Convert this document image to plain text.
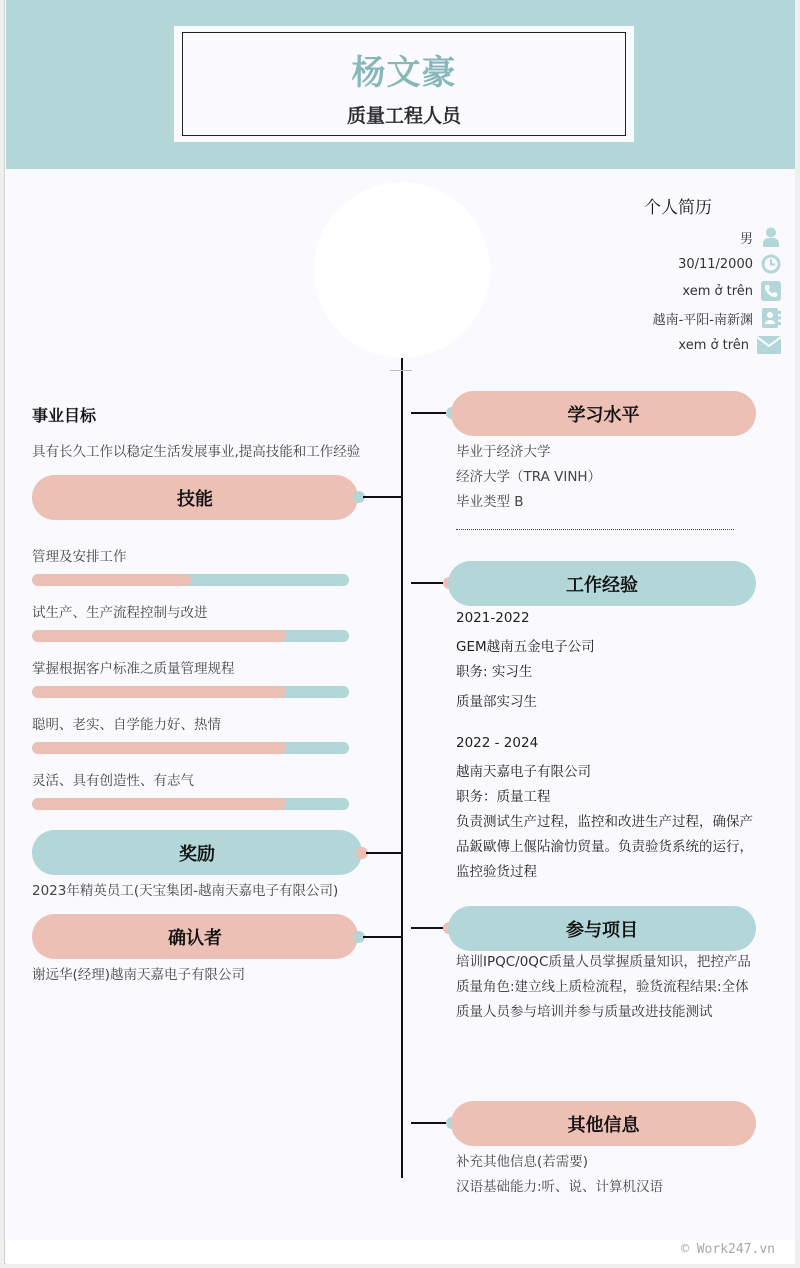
杨文豪
质量工程人员
个人简历
男
30/11/2000
xem ở trên
越南-平阳-南新渊
xem ở trên
事业目标
具有长久工作以稳定生活发展事业,提高技能和工作经验
技能
管理及安排工作
试生产、生产流程控制与改进
掌握根据客户标准之质量管理规程
聪明、老实、自学能力好、热情
灵活、具有创造性、有志气
奖励
2023年精英员工(天宝集团-越南天嘉电子有限公司)
确认者
谢远华(经理)越南天嘉电子有限公司
学习水平
毕业于经济大学
经济大学（TRA VINH）
毕业类型 B
工作经验
2021-2022
GEM越南五金电子公司
职务: 实习生
质量部实习生
2022 - 2024
越南天嘉电子有限公司
职务：质量工程
负责测试生产过程，监控和改进生产过程，确保产品鈑歐傳上偃阽渝忇贸量。负责验货系统的运行，监控验货过程
参与项目
培训IPQC/0QC质量人员掌握质量知识，把控产品质量角色:建立线上质检流程，验货流程结果:全体质量人员参与培训并参与质量改进技能测试
其他信息
补充其他信息(若需要)
汉语基础能力:听、说、计算机汉语
© Work247.vn
